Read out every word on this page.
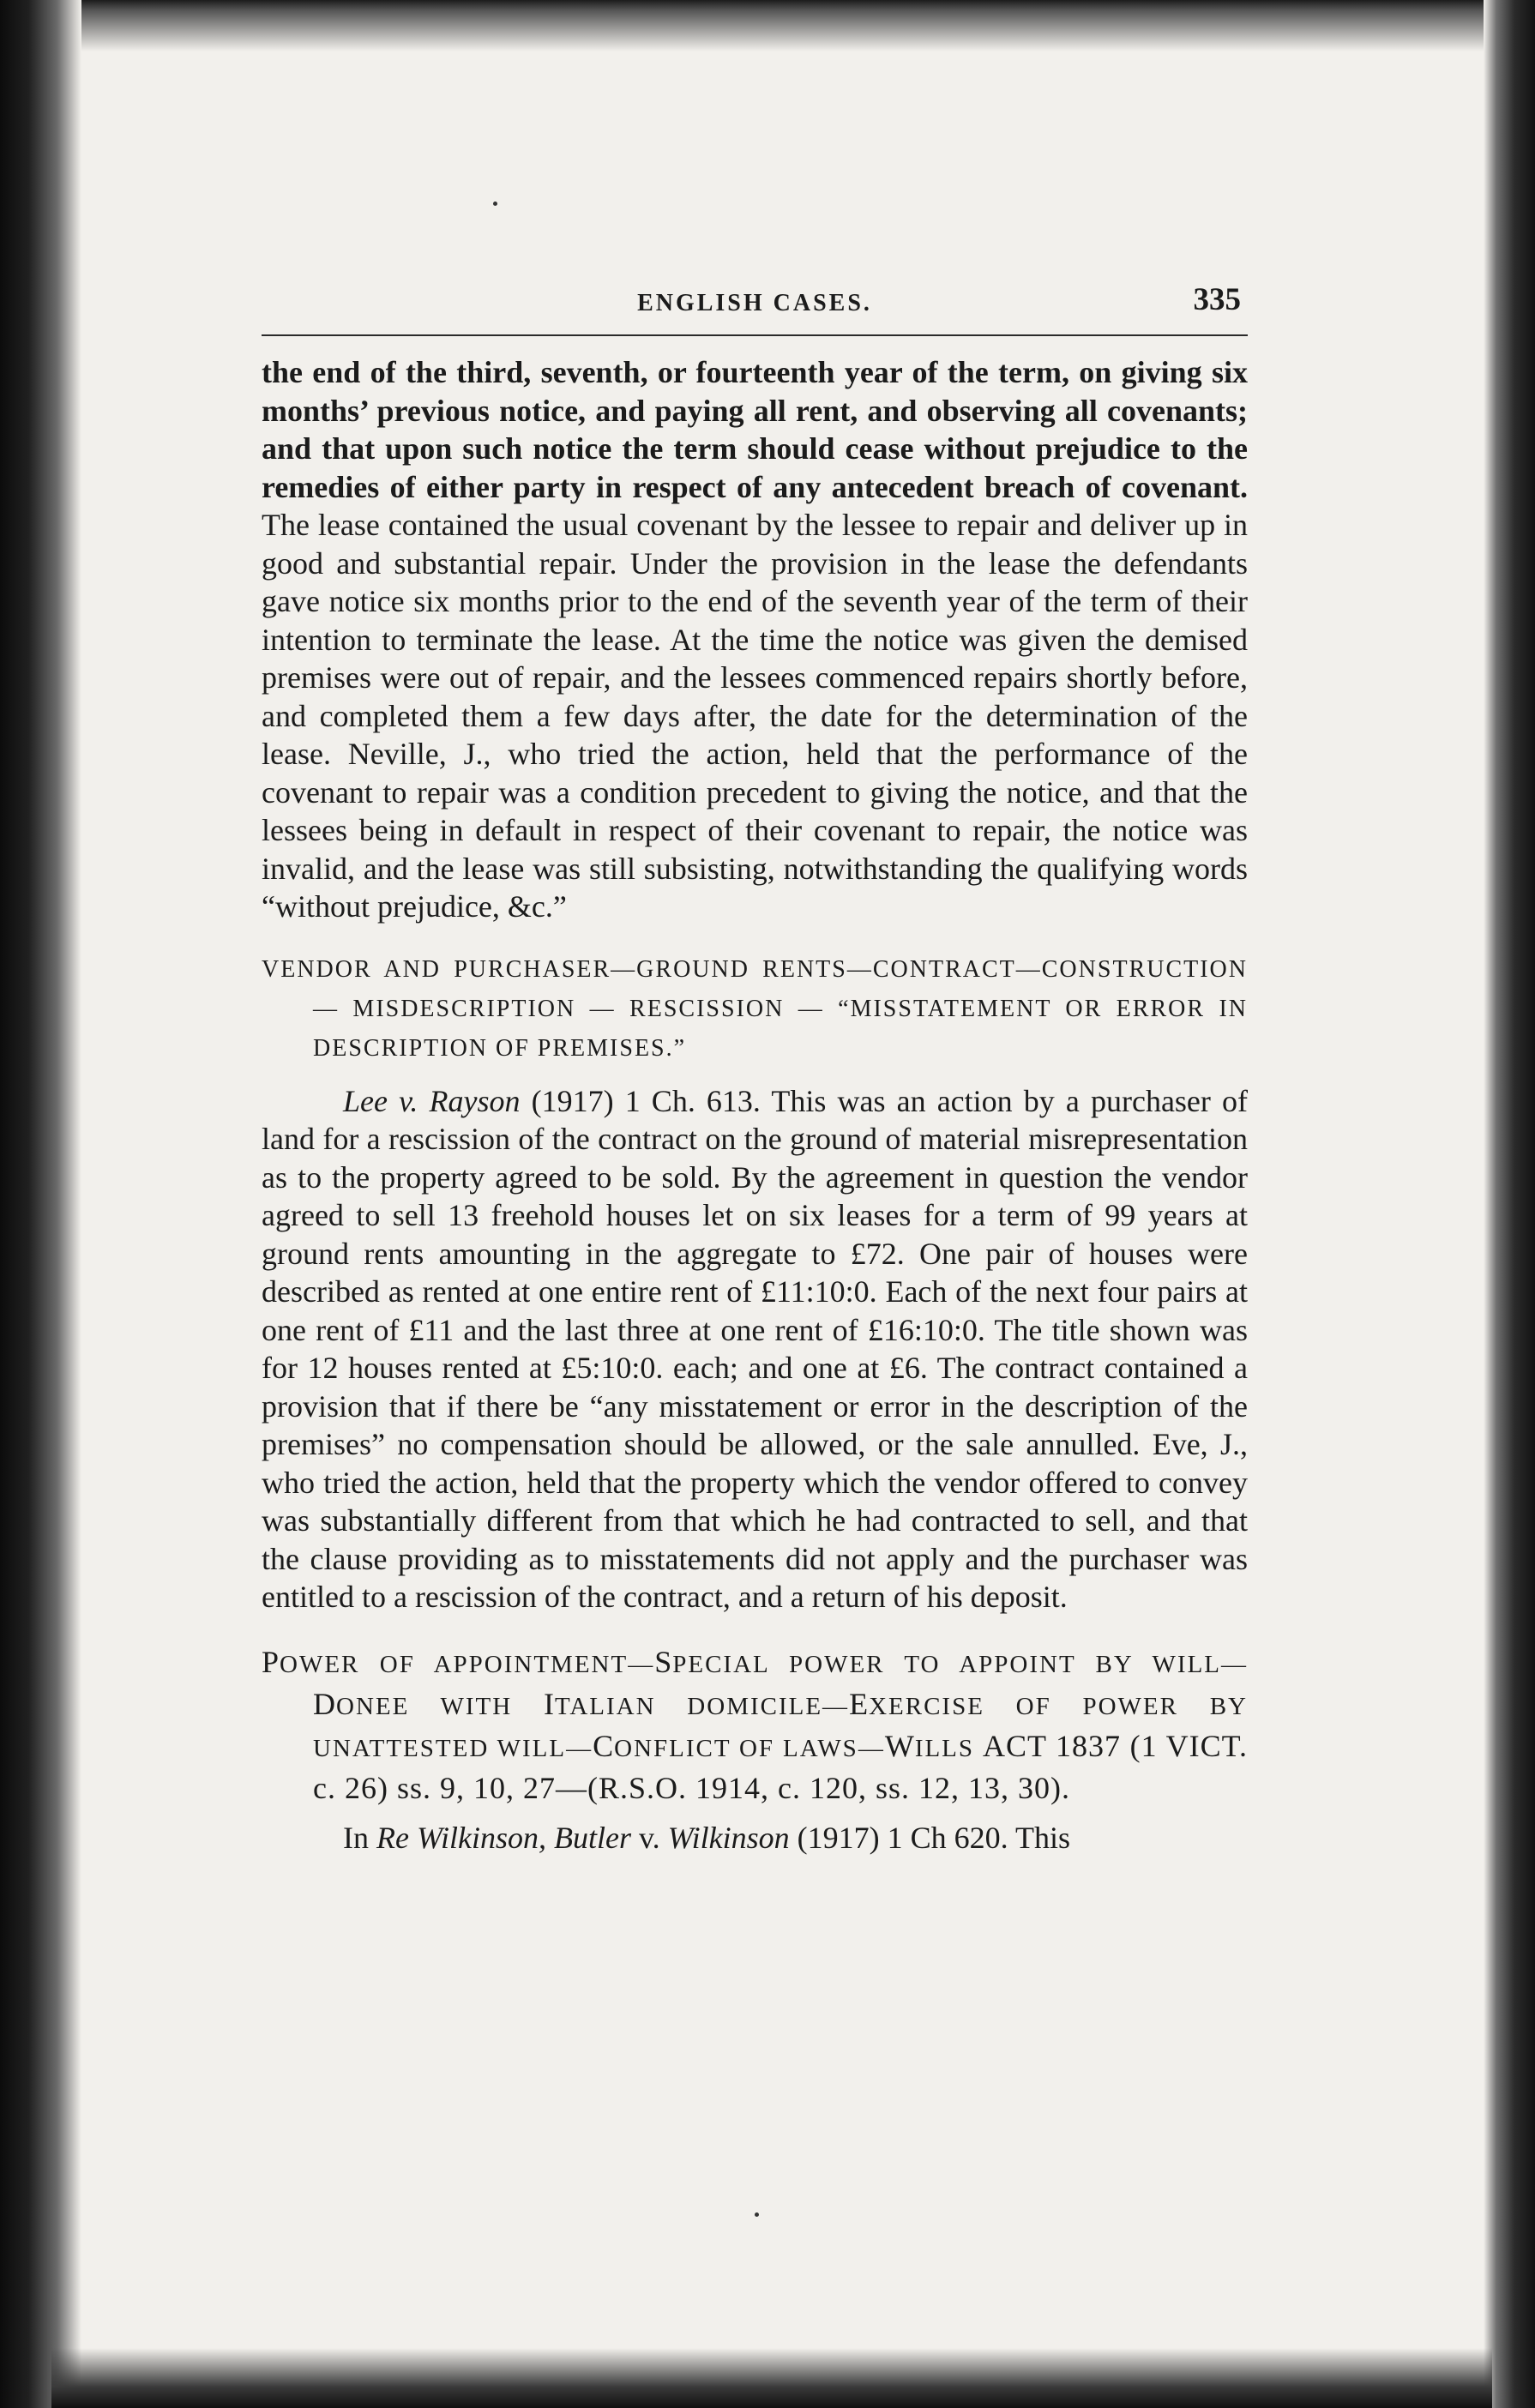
ENGLISH CASES.	335

the end of the third, seventh, or fourteenth year of the term, on giving six months’ previous notice, and paying all rent, and observing all covenants; and that upon such notice the term should cease without prejudice to the remedies of either party in respect of any antecedent breach of covenant. The lease contained the usual covenant by the lessee to repair and deliver up in good and substantial repair. Under the provision in the lease the defendants gave notice six months prior to the end of the seventh year of the term of their intention to terminate the lease. At the time the notice was given the demised premises were out of repair, and the lessees commenced repairs shortly before, and completed them a few days after, the date for the determination of the lease. Neville, J., who tried the action, held that the performance of the covenant to repair was a condition precedent to giving the notice, and that the lessees being in default in respect of their covenant to repair, the notice was invalid, and the lease was still subsisting, notwithstanding the qualifying words “without prejudice, &c.”

VENDOR AND PURCHASER—GROUND RENTS—CONTRACT—CONSTRUCTION — MISDESCRIPTION — RESCISSION — “MISSTATEMENT OR ERROR IN DESCRIPTION OF PREMISES.”

Lee v. Rayson (1917) 1 Ch. 613. This was an action by a purchaser of land for a rescission of the contract on the ground of material misrepresentation as to the property agreed to be sold. By the agreement in question the vendor agreed to sell 13 freehold houses let on six leases for a term of 99 years at ground rents amounting in the aggregate to £72. One pair of houses were described as rented at one entire rent of £11:10:0. Each of the next four pairs at one rent of £11 and the last three at one rent of £16:10:0. The title shown was for 12 houses rented at £5:10:0. each; and one at £6. The contract contained a provision that if there be “any misstatement or error in the description of the premises” no compensation should be allowed, or the sale annulled. Eve, J., who tried the action, held that the property which the vendor offered to convey was substantially different from that which he had contracted to sell, and that the clause providing as to misstatements did not apply and the purchaser was entitled to a rescission of the contract, and a return of his deposit.

POWER OF APPOINTMENT—SPECIAL POWER TO APPOINT BY WILL—DONEE WITH ITALIAN DOMICILE—EXERCISE OF POWER BY UNATTESTED WILL—CONFLICT OF LAWS—WILLS ACT 1837 (1 VICT. c. 26) ss. 9, 10, 27—(R.S.O. 1914, c. 120, ss. 12, 13, 30).

In Re Wilkinson, Butler v. Wilkinson (1917) 1 Ch 620. This
